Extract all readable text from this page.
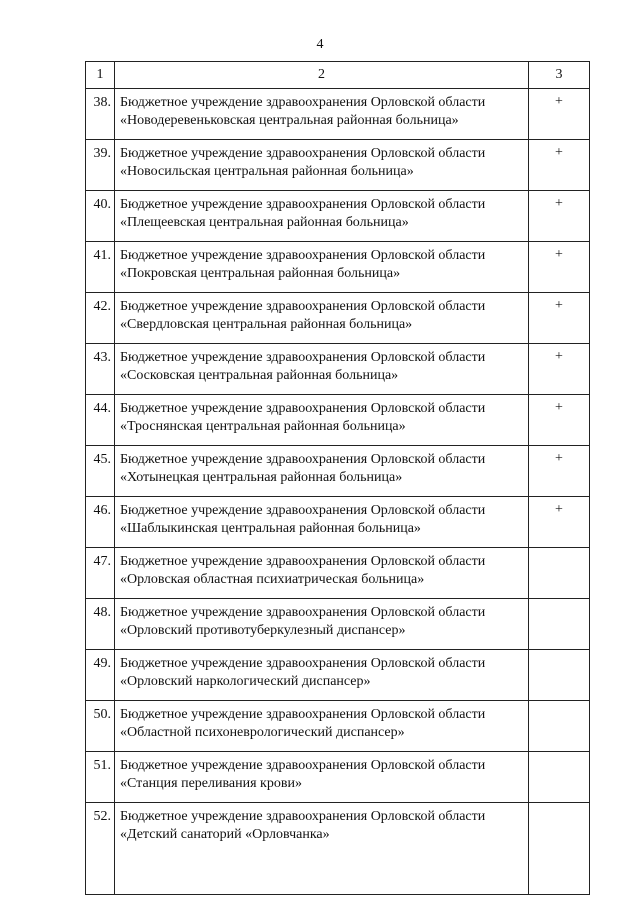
4
1	2	3
38.	Бюджетное учреждение здравоохранения Орловской области
«Новодеревеньковская центральная районная больница»	+
39.	Бюджетное учреждение здравоохранения Орловской области
«Новосильская центральная районная больница»	+
40.	Бюджетное учреждение здравоохранения Орловской области
«Плещеевская центральная районная больница»	+
41.	Бюджетное учреждение здравоохранения Орловской области
«Покровская центральная районная больница»	+
42.	Бюджетное учреждение здравоохранения Орловской области
«Свердловская центральная районная больница»	+
43.	Бюджетное учреждение здравоохранения Орловской области
«Сосковская центральная районная больница»	+
44.	Бюджетное учреждение здравоохранения Орловской области
«Троснянская центральная районная больница»	+
45.	Бюджетное учреждение здравоохранения Орловской области
«Хотынецкая центральная районная больница»	+
46.	Бюджетное учреждение здравоохранения Орловской области
«Шаблыкинская центральная районная больница»	+
47.	Бюджетное учреждение здравоохранения Орловской области
«Орловская областная психиатрическая больница»	

48.	Бюджетное учреждение здравоохранения Орловской области
«Орловский противотуберкулезный диспансер»	

49.	Бюджетное учреждение здравоохранения Орловской области
«Орловский наркологический диспансер»	

50.	Бюджетное учреждение здравоохранения Орловской области
«Областной психоневрологический диспансер»	

51.	Бюджетное учреждение здравоохранения Орловской области
«Станция переливания крови»	

52.	Бюджетное учреждение здравоохранения Орловской области
«Детский санаторий «Орловчанка»	
